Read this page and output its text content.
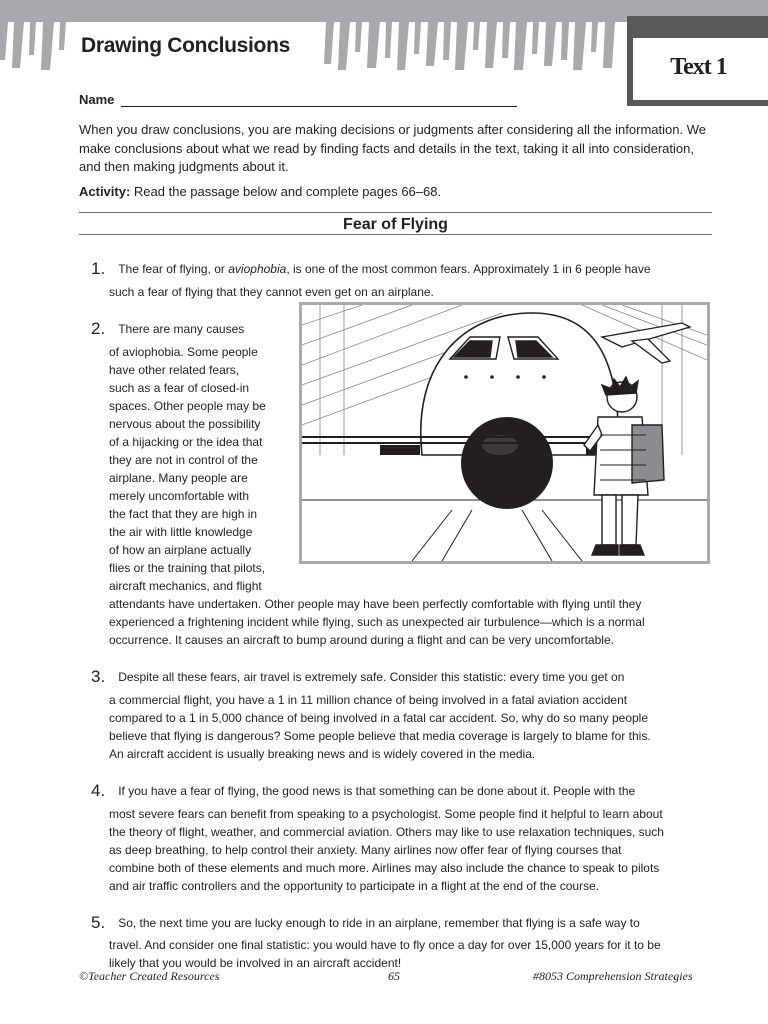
Drawing Conclusions
Text 1
Name

When you draw conclusions, you are making decisions or judgments after considering all the information. We make conclusions about what we read by finding facts and details in the text, taking it all into consideration, and then making judgments about it.

Activity: Read the passage below and complete pages 66–68.

Fear of Flying

1. The fear of flying, or aviophobia, is one of the most common fears. Approximately 1 in 6 people have

such a fear of flying that they cannot even get on an airplane.

2. There are many causes

of aviophobia. Some people
have other related fears,
such as a fear of closed-in
spaces. Other people may be
nervous about the possibility
of a hijacking or the idea that
they are not in control of the
airplane. Many people are
merely uncomfortable with
the fact that they are high in
the air with little knowledge
of how an airplane actually
flies or the training that pilots,
aircraft mechanics, and flight

attendants have undertaken. Other people may have been perfectly comfortable with flying until they
experienced a frightening incident while flying, such as unexpected air turbulence—which is a normal
occurrence. It causes an aircraft to bump around during a flight and can be very uncomfortable.

3. Despite all these fears, air travel is extremely safe. Consider this statistic: every time you get on

a commercial flight, you have a 1 in 11 million chance of being involved in a fatal aviation accident
compared to a 1 in 5,000 chance of being involved in a fatal car accident. So, why do so many people
believe that flying is dangerous? Some people believe that media coverage is largely to blame for this.
An aircraft accident is usually breaking news and is widely covered in the media.

4. If you have a fear of flying, the good news is that something can be done about it. People with the

most severe fears can benefit from speaking to a psychologist. Some people find it helpful to learn about
the theory of flight, weather, and commercial aviation. Others may like to use relaxation techniques, such
as deep breathing, to help control their anxiety. Many airlines now offer fear of flying courses that
combine both of these elements and much more. Airlines may also include the chance to speak to pilots
and air traffic controllers and the opportunity to participate in a flight at the end of the course.

5. So, the next time you are lucky enough to ride in an airplane, remember that flying is a safe way to

travel. And consider one final statistic: you would have to fly once a day for over 15,000 years for it to be
likely that you would be involved in an aircraft accident!

©Teacher Created Resources	65	#8053 Comprehension Strategies
